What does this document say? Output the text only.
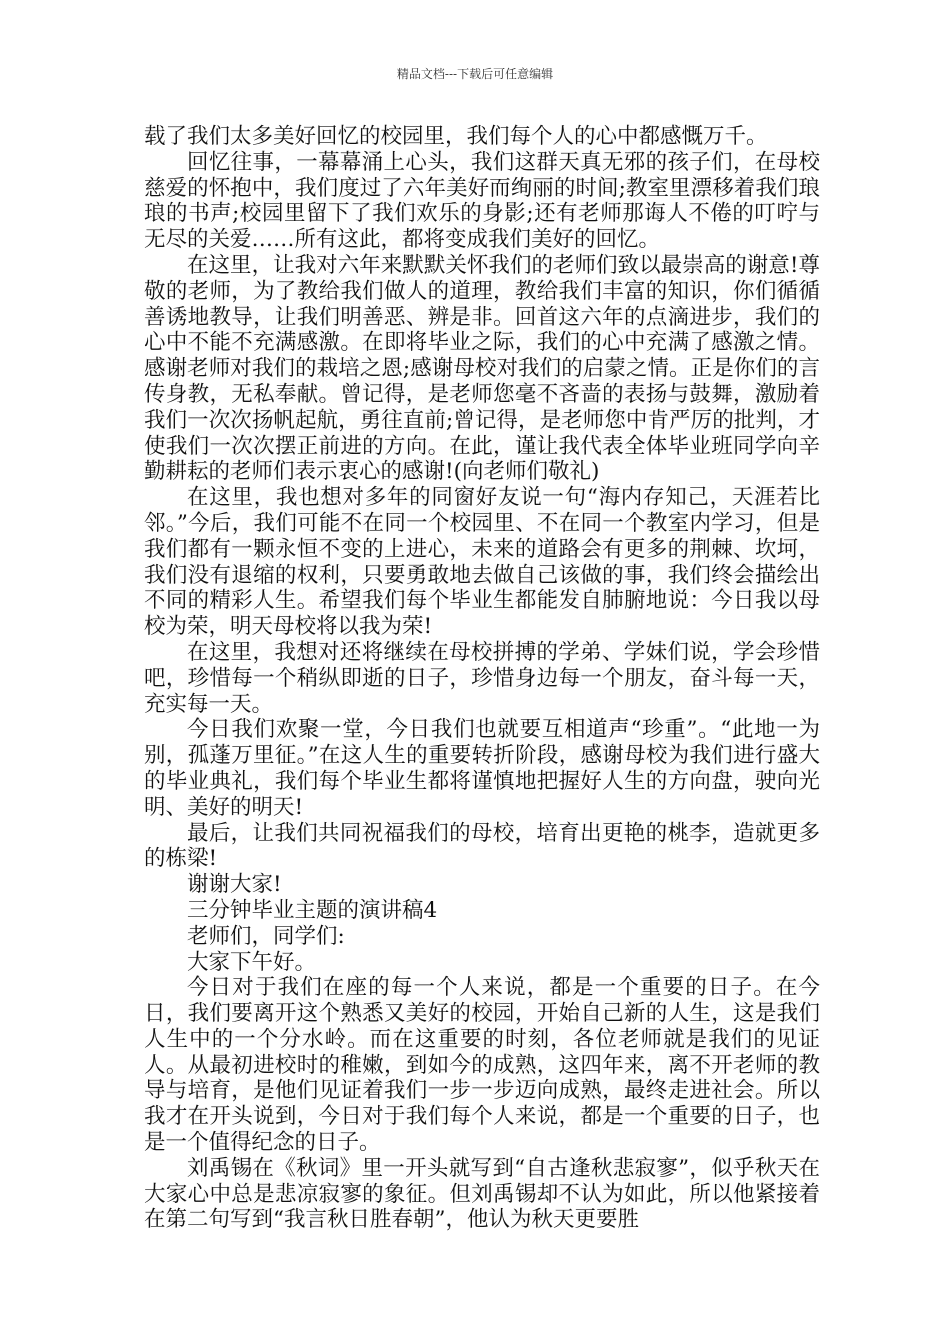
精品文档---下载后可任意编辑

载了我们太多美好回忆的校园里，我们每个人的心中都感慨万千。

回忆往事，一幕幕涌上心头，我们这群天真无邪的孩子们，在母校慈爱的怀抱中，我们度过了六年美好而绚丽的时间;教室里漂移着我们琅琅的书声;校园里留下了我们欢乐的身影;还有老师那诲人不倦的叮咛与无尽的关爱……所有这此，都将变成我们美好的回忆。

在这里，让我对六年来默默关怀我们的老师们致以最崇高的谢意!尊敬的老师，为了教给我们做人的道理，教给我们丰富的知识，你们循循善诱地教导，让我们明善恶、辨是非。回首这六年的点滴进步，我们的心中不能不充满感激。在即将毕业之际，我们的心中充满了感激之情。感谢老师对我们的栽培之恩;感谢母校对我们的启蒙之情。正是你们的言传身教，无私奉献。曾记得，是老师您毫不吝啬的表扬与鼓舞，激励着我们一次次扬帆起航，勇往直前;曾记得，是老师您中肯严厉的批判，才使我们一次次摆正前进的方向。在此，谨让我代表全体毕业班同学向辛勤耕耘的老师们表示衷心的感谢!(向老师们敬礼)

在这里，我也想对多年的同窗好友说一句“海内存知己，天涯若比邻。”今后，我们可能不在同一个校园里、不在同一个教室内学习，但是我们都有一颗永恒不变的上进心，未来的道路会有更多的荆棘、坎坷，我们没有退缩的权利，只要勇敢地去做自己该做的事，我们终会描绘出不同的精彩人生。希望我们每个毕业生都能发自肺腑地说：今日我以母校为荣，明天母校将以我为荣!

在这里，我想对还将继续在母校拼搏的学弟、学妹们说，学会珍惜吧，珍惜每一个稍纵即逝的日子，珍惜身边每一个朋友，奋斗每一天，充实每一天。

今日我们欢聚一堂，今日我们也就要互相道声“珍重”。“此地一为别，孤蓬万里征。”在这人生的重要转折阶段，感谢母校为我们进行盛大的毕业典礼，我们每个毕业生都将谨慎地把握好人生的方向盘，驶向光明、美好的明天!

最后，让我们共同祝福我们的母校，培育出更艳的桃李，造就更多的栋梁!

谢谢大家!

三分钟毕业主题的演讲稿4

老师们，同学们:

大家下午好。

今日对于我们在座的每一个人来说，都是一个重要的日子。在今日，我们要离开这个熟悉又美好的校园，开始自己新的人生，这是我们人生中的一个分水岭。而在这重要的时刻，各位老师就是我们的见证人。从最初进校时的稚嫩，到如今的成熟，这四年来，离不开老师的教导与培育，是他们见证着我们一步一步迈向成熟，最终走进社会。所以我才在开头说到，今日对于我们每个人来说，都是一个重要的日子，也是一个值得纪念的日子。

刘禹锡在《秋词》里一开头就写到“自古逢秋悲寂寥”，似乎秋天在大家心中总是悲凉寂寥的象征。但刘禹锡却不认为如此，所以他紧接着在第二句写到“我言秋日胜春朝”，他认为秋天更要胜
